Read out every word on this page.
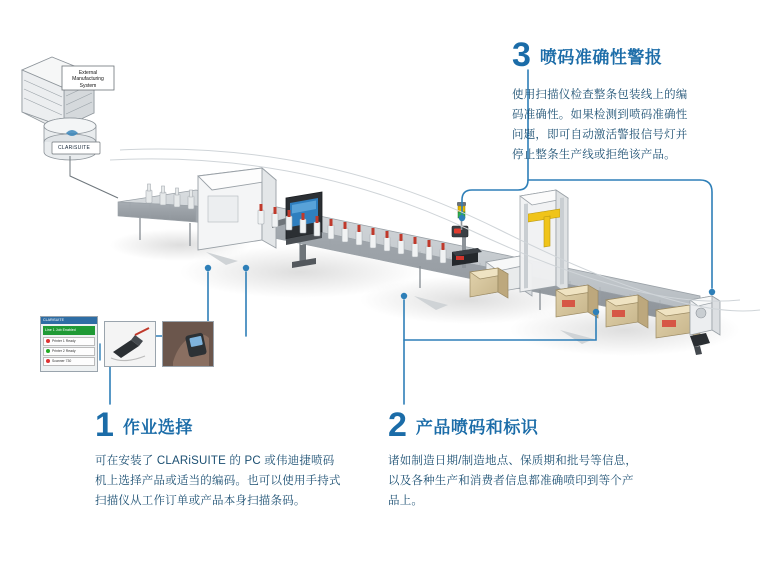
External Manufacturing System
CLARiSUITE
CLARiSUITE
Line 1 Job Enabled
Printer 1 Ready
Printer 2 Ready
Scanner 730
1 作业选择
可在安装了 CLARiSUITE 的 PC 或伟迪捷喷码机上选择产品或适当的编码。也可以使用手持式扫描仪从工作订单或产品本身扫描条码。
2 产品喷码和标识
诸如制造日期/制造地点、保质期和批号等信息，以及各种生产和消费者信息都准确喷印到等个产品上。
3 喷码准确性警报
使用扫描仪检查整条包装线上的编码准确性。如果检测到喷码准确性问题，即可自动激活警报信号灯并停止整条生产线或拒绝该产品。
